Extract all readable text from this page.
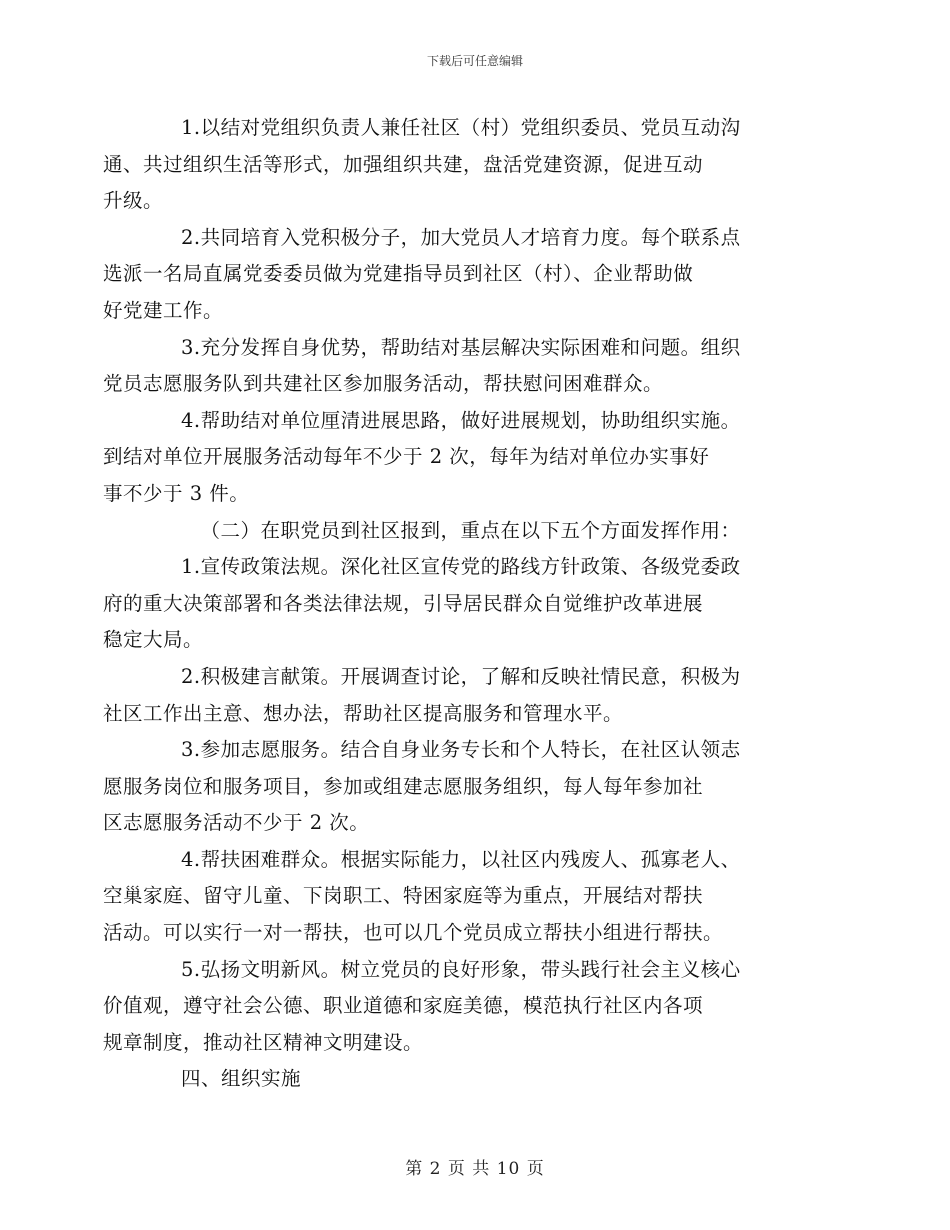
下载后可任意编辑

1.以结对党组织负责人兼任社区（村）党组织委员、党员互动沟
通、共过组织生活等形式，加强组织共建，盘活党建资源，促进互动
升级。

2.共同培育入党积极分子，加大党员人才培育力度。每个联系点
选派一名局直属党委委员做为党建指导员到社区（村）、企业帮助做
好党建工作。

3.充分发挥自身优势，帮助结对基层解决实际困难和问题。组织
党员志愿服务队到共建社区参加服务活动，帮扶慰问困难群众。

4.帮助结对单位厘清进展思路，做好进展规划，协助组织实施。
到结对单位开展服务活动每年不少于 2 次，每年为结对单位办实事好
事不少于 3 件。

（二）在职党员到社区报到，重点在以下五个方面发挥作用：

1.宣传政策法规。深化社区宣传党的路线方针政策、各级党委政
府的重大决策部署和各类法律法规，引导居民群众自觉维护改革进展
稳定大局。

2.积极建言献策。开展调查讨论，了解和反映社情民意，积极为
社区工作出主意、想办法，帮助社区提高服务和管理水平。

3.参加志愿服务。结合自身业务专长和个人特长，在社区认领志
愿服务岗位和服务项目，参加或组建志愿服务组织，每人每年参加社
区志愿服务活动不少于 2 次。

4.帮扶困难群众。根据实际能力，以社区内残废人、孤寡老人、
空巢家庭、留守儿童、下岗职工、特困家庭等为重点，开展结对帮扶
活动。可以实行一对一帮扶，也可以几个党员成立帮扶小组进行帮扶。

5.弘扬文明新风。树立党员的良好形象，带头践行社会主义核心
价值观，遵守社会公德、职业道德和家庭美德，模范执行社区内各项
规章制度，推动社区精神文明建设。

四、组织实施

第 2 页 共 10 页
